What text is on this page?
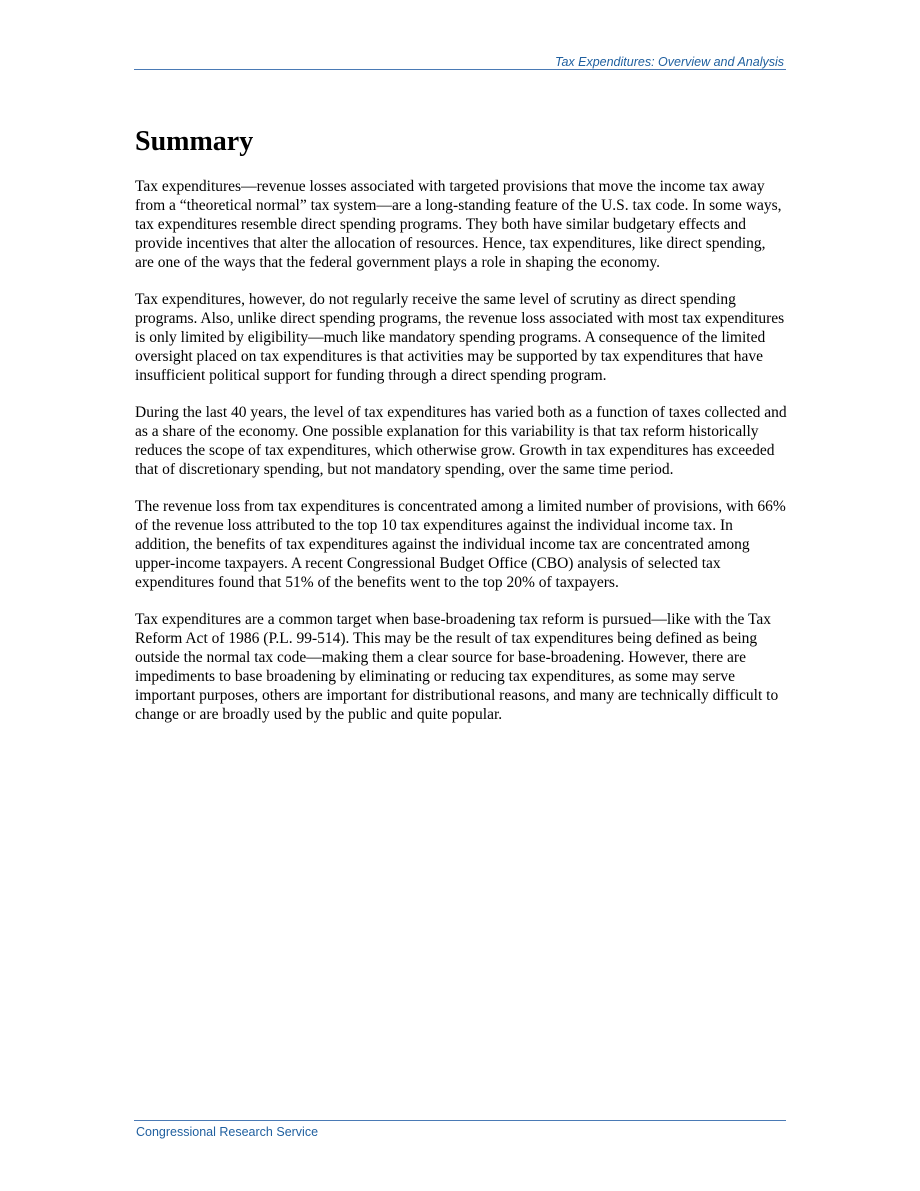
Tax Expenditures: Overview and Analysis
Summary

Tax expenditures—revenue losses associated with targeted provisions that move the income tax away from a “theoretical normal” tax system—are a long-standing feature of the U.S. tax code. In some ways, tax expenditures resemble direct spending programs. They both have similar budgetary effects and provide incentives that alter the allocation of resources. Hence, tax expenditures, like direct spending, are one of the ways that the federal government plays a role in shaping the economy.

Tax expenditures, however, do not regularly receive the same level of scrutiny as direct spending programs. Also, unlike direct spending programs, the revenue loss associated with most tax expenditures is only limited by eligibility—much like mandatory spending programs. A consequence of the limited oversight placed on tax expenditures is that activities may be supported by tax expenditures that have insufficient political support for funding through a direct spending program.

During the last 40 years, the level of tax expenditures has varied both as a function of taxes collected and as a share of the economy. One possible explanation for this variability is that tax reform historically reduces the scope of tax expenditures, which otherwise grow. Growth in tax expenditures has exceeded that of discretionary spending, but not mandatory spending, over the same time period.

The revenue loss from tax expenditures is concentrated among a limited number of provisions, with 66% of the revenue loss attributed to the top 10 tax expenditures against the individual income tax. In addition, the benefits of tax expenditures against the individual income tax are concentrated among upper-income taxpayers. A recent Congressional Budget Office (CBO) analysis of selected tax expenditures found that 51% of the benefits went to the top 20% of taxpayers.

Tax expenditures are a common target when base-broadening tax reform is pursued—like with the Tax Reform Act of 1986 (P.L. 99-514). This may be the result of tax expenditures being defined as being outside the normal tax code—making them a clear source for base-broadening. However, there are impediments to base broadening by eliminating or reducing tax expenditures, as some may serve important purposes, others are important for distributional reasons, and many are technically difficult to change or are broadly used by the public and quite popular.

Congressional Research Service
